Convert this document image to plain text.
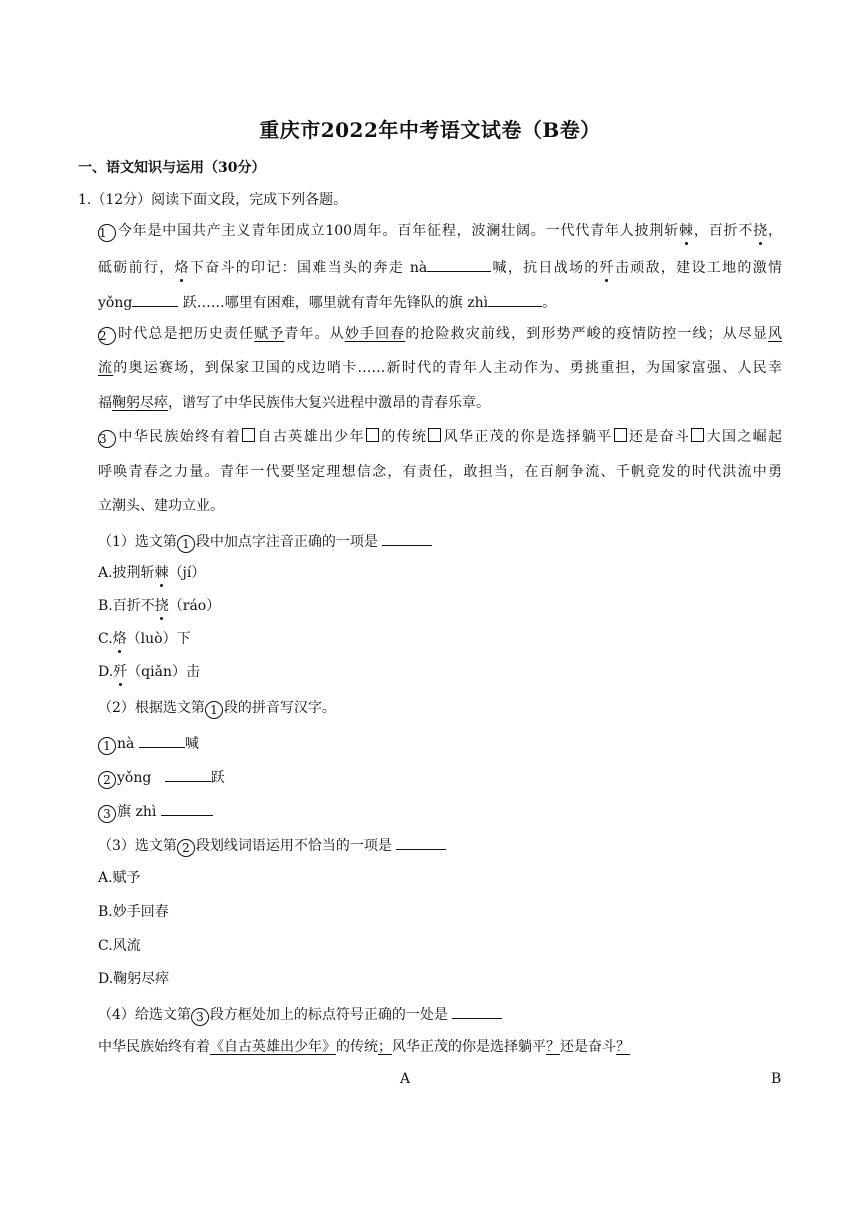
重庆市2022年中考语文试卷（B卷）
一、语文知识与运用（30分）
1.（12分）阅读下面文段，完成下列各题。
1 今年是中国共产主义青年团成立100周年。百年征程，波澜壮阔。一代代青年人披荆斩棘，百折不挠，
砥砺前行，烙下奋斗的印记：国难当头的奔走 nà	喊，抗日战场的歼击顽敌，建设工地的激情
yǒng	跃……哪里有困难，哪里就有青年先锋队的旗 zhì	。
2 时代总是把历史责任赋予青年。从妙手回春的抢险救灾前线，到形势严峻的疫情防控一线；从尽显风
流的奥运赛场，到保家卫国的戍边哨卡……新时代的青年人主动作为、勇挑重担，为国家富强、人民幸
福鞠躬尽瘁，谱写了中华民族伟大复兴进程中激昂的青春乐章。
3 中华民族始终有着 自古英雄出少年 的传统 风华正茂的你是选择躺平 还是奋斗 大国之崛起
呼唤青春之力量。青年一代要坚定理想信念，有责任，敢担当，在百舸争流、千帆竞发的时代洪流中勇
立潮头、建功立业。
（1）选文第 1 段中加点字注音正确的一项是
A.披荆斩棘（jí）
B.百折不挠（ráo）
C.烙（luò）下
D.歼（qiǎn）击
（2）根据选文第 1 段的拼音写汉字。
1 nà	喊
2 yǒng	跃
3 旗 zhì
（3）选文第 2 段划线词语运用不恰当的一项是
A.赋予
B.妙手回春
C.风流
D.鞠躬尽瘁
（4）给选文第 3 段方框处加上的标点符号正确的一处是
中华民族始终有着《自古英雄出少年》的传统；风华正茂的你是选择躺平？还是奋斗？
A	B
